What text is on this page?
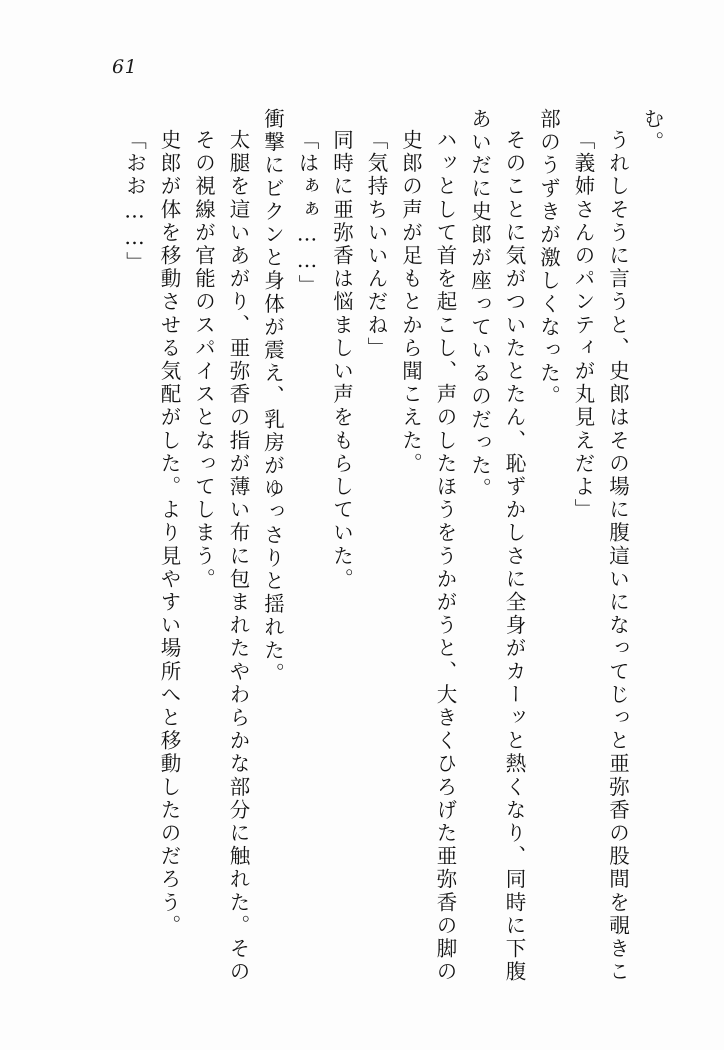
61
「おお……」 史郎が体を移動させる気配がした。より見やすい場所へと移動したのだろう。 その視線が官能のスパイスとなってしまう。 太腿を這いあがり、亜弥香の指が薄い布に包まれたやわらかな部分に触れた。その 衝撃にビクンと身体が震え、乳房がゆっさりと揺れた。 「はぁぁ……」 同時に亜弥香は悩ましい声をもらしていた。 「気持ちいいんだね」 史郎の声が足もとから聞こえた。 ハッとして首を起こし、声のしたほうをうかがうと、大きくひろげた亜弥香の脚の あいだに史郎が座っているのだった。 そのことに気がついたとたん、恥ずかしさに全身がカーッと熱くなり、同時に下腹 部のうずきが激しくなった。 「義姉さんのパンティが丸見えだよ」 うれしそうに言うと、史郎はその場に腹這いになってじっと亜弥香の股間を覗きこ む。
